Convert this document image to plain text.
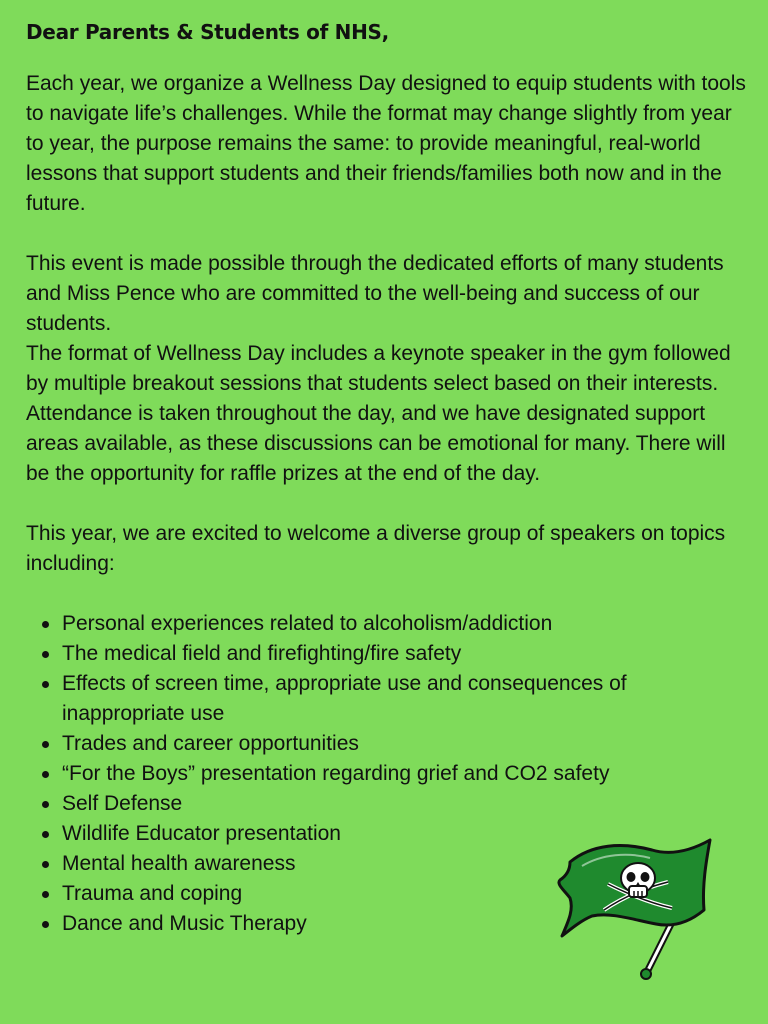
Dear Parents & Students of NHS,

Each year, we organize a Wellness Day designed to equip students with tools to navigate life’s challenges. While the format may change slightly from year to year, the purpose remains the same: to provide meaningful, real-world lessons that support students and their friends/families both now and in the future.

This event is made possible through the dedicated efforts of many students and Miss Pence who are committed to the well-being and success of our students.

The format of Wellness Day includes a keynote speaker in the gym followed by multiple breakout sessions that students select based on their interests. Attendance is taken throughout the day, and we have designated support areas available, as these discussions can be emotional for many. There will be the opportunity for raffle prizes at the end of the day.

This year, we are excited to welcome a diverse group of speakers on topics including:

Personal experiences related to alcoholism/addiction
The medical field and firefighting/fire safety
Effects of screen time, appropriate use and consequences of inappropriate use
Trades and career opportunities
“For the Boys” presentation regarding grief and CO2 safety
Self Defense
Wildlife Educator presentation
Mental health awareness
Trauma and coping
Dance and Music Therapy
